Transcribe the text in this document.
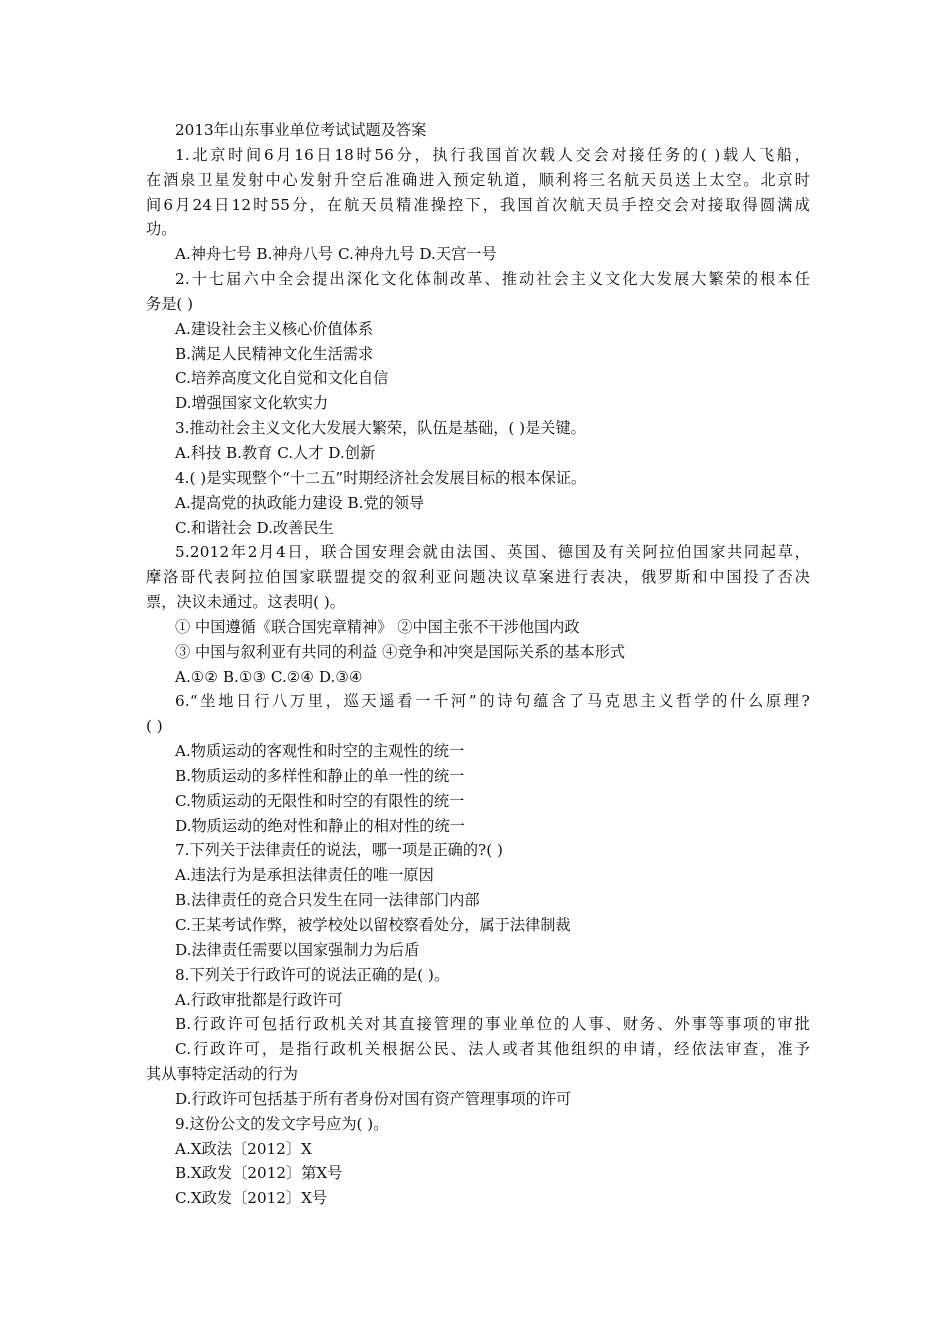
2013年山东事业单位考试试题及答案
1.北京时间6月16日18时56分，执行我国首次载人交会对接任务的( )载人飞船，
在酒泉卫星发射中心发射升空后准确进入预定轨道，顺利将三名航天员送上太空。北京时
间6月24日12时55分，在航天员精准操控下，我国首次航天员手控交会对接取得圆满成
功。
A.神舟七号 B.神舟八号 C.神舟九号 D.天宫一号
2.十七届六中全会提出深化文化体制改革、推动社会主义文化大发展大繁荣的根本任
务是( )
A.建设社会主义核心价值体系
B.满足人民精神文化生活需求
C.培养高度文化自觉和文化自信
D.增强国家文化软实力
3.推动社会主义文化大发展大繁荣，队伍是基础，( )是关键。
A.科技 B.教育 C.人才 D.创新
4.( )是实现整个“十二五”时期经济社会发展目标的根本保证。
A.提高党的执政能力建设 B.党的领导
C.和谐社会 D.改善民生
5.2012年2月4日，联合国安理会就由法国、英国、德国及有关阿拉伯国家共同起草，
摩洛哥代表阿拉伯国家联盟提交的叙利亚问题决议草案进行表决，俄罗斯和中国投了否决
票，决议未通过。这表明( )。
① 中国遵循《联合国宪章精神》 ②中国主张不干涉他国内政
③ 中国与叙利亚有共同的利益 ④竞争和冲突是国际关系的基本形式
A.①② B.①③ C.②④ D.③④
6.“坐地日行八万里，巡天遥看一千河”的诗句蕴含了马克思主义哲学的什么原理?
( )
A.物质运动的客观性和时空的主观性的统一
B.物质运动的多样性和静止的单一性的统一
C.物质运动的无限性和时空的有限性的统一
D.物质运动的绝对性和静止的相对性的统一
7.下列关于法律责任的说法，哪一项是正确的?( )
A.违法行为是承担法律责任的唯一原因
B.法律责任的竞合只发生在同一法律部门内部
C.王某考试作弊，被学校处以留校察看处分，属于法律制裁
D.法律责任需要以国家强制力为后盾
8.下列关于行政许可的说法正确的是( )。
A.行政审批都是行政许可
B.行政许可包括行政机关对其直接管理的事业单位的人事、财务、外事等事项的审批
C.行政许可，是指行政机关根据公民、法人或者其他组织的申请，经依法审查，准予
其从事特定活动的行为
D.行政许可包括基于所有者身份对国有资产管理事项的许可
9.这份公文的发文字号应为( )。
A.X政法〔2012〕X
B.X政发〔2012〕第X号
C.X政发〔2012〕X号
